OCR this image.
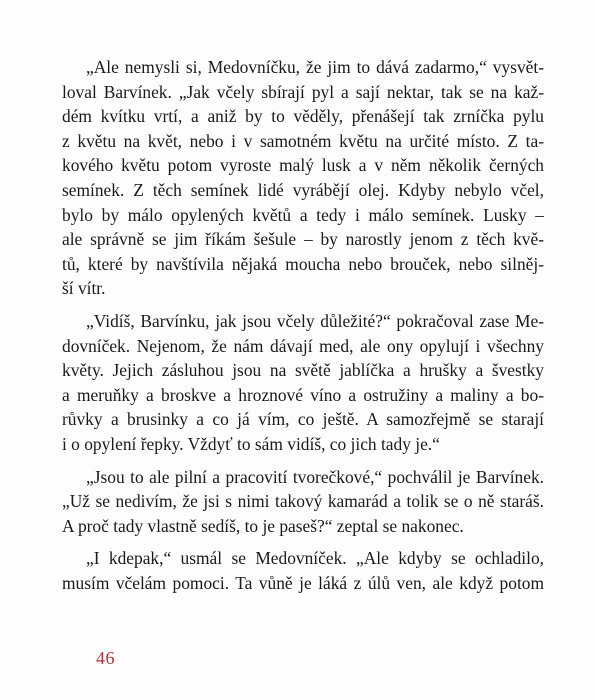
„Ale nemysli si, Medovníčku, že jim to dává zadarmo,“ vysvět-
loval Barvínek. „Jak včely sbírají pyl a sají nektar, tak se na kaž-
dém kvítku vrtí, a aniž by to věděly, přenášejí tak zrníčka pylu
z květu na květ, nebo i v samotném květu na určité místo. Z ta-
kového květu potom vyroste malý lusk a v něm několik černých
semínek. Z těch semínek lidé vyrábějí olej. Kdyby nebylo včel,
bylo by málo opylených květů a tedy i málo semínek. Lusky –
ale správně se jim říkám šešule – by narostly jenom z těch kvě-
tů, které by navštívila nějaká moucha nebo brouček, nebo silněj-
ší vítr.
„Vidíš, Barvínku, jak jsou včely důležité?“ pokračoval zase Me-
dovníček. Nejenom, že nám dávají med, ale ony opylují i všechny
květy. Jejich zásluhou jsou na světě jablíčka a hrušky a švestky
a meruňky a broskve a hroznové víno a ostružiny a maliny a bo-
růvky a brusinky a co já vím, co ještě. A samozřejmě se starají
i o opylení řepky. Vždyť to sám vidíš, co jich tady je.“
„Jsou to ale pilní a pracovití tvorečkové,“ pochválil je Barvínek.
„Už se nedivím, že jsi s nimi takový kamarád a tolik se o ně staráš.
A proč tady vlastně sedíš, to je paseš?“ zeptal se nakonec.
„I kdepak,“ usmál se Medovníček. „Ale kdyby se ochladilo,
musím včelám pomoci. Ta vůně je láká z úlů ven, ale když potom
46
